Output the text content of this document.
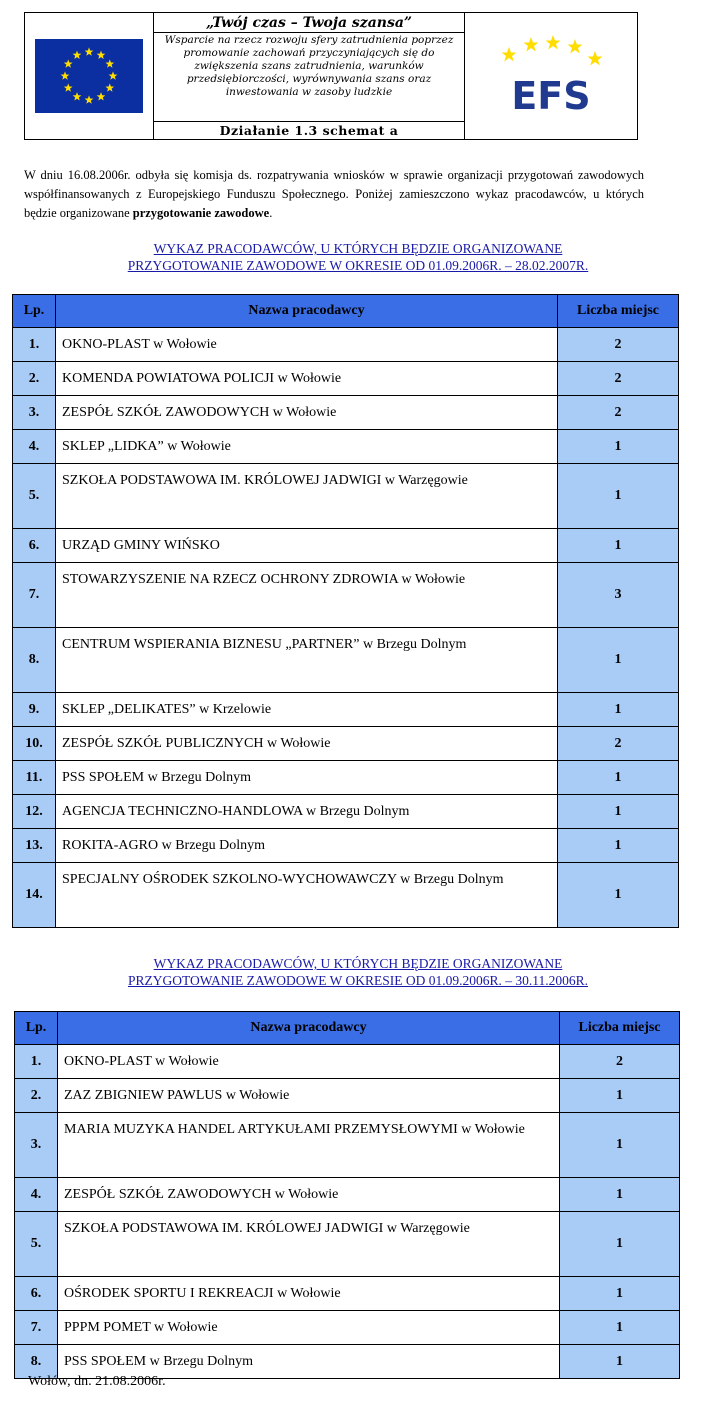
„Twój czas – Twoja szansa”
Wsparcie na rzecz rozwoju sfery zatrudnienia poprzez promowanie zachowań przyczyniających się do zwiększenia szans zatrudnienia, warunków przedsiębiorczości, wyrównywania szans oraz inwestowania w zasoby ludzkie	EFS

Działanie 1.3 schemat a
W dniu 16.08.2006r. odbyła się komisja ds. rozpatrywania wniosków w sprawie organizacji przygotowań zawodowych współfinansowanych z Europejskiego Funduszu Społecznego. Poniżej zamieszczono wykaz pracodawców, u których będzie organizowane przygotowanie zawodowe.
WYKAZ PRACODAWCÓW, U KTÓRYCH BĘDZIE ORGANIZOWANE
PRZYGOTOWANIE ZAWODOWE W OKRESIE OD 01.09.2006R. – 28.02.2007R.
Lp.	Nazwa pracodawcy	Liczba miejsc
1.	OKNO-PLAST w Wołowie	2
2.	KOMENDA POWIATOWA POLICJI w Wołowie	2
3.	ZESPÓŁ SZKÓŁ ZAWODOWYCH w Wołowie	2
4.	SKLEP „LIDKA” w Wołowie	1
5.	SZKOŁA PODSTAWOWA IM. KRÓLOWEJ JADWIGI w Warzęgowie	1
6.	URZĄD GMINY WIŃSKO	1
7.	STOWARZYSZENIE NA RZECZ OCHRONY ZDROWIA w Wołowie	3
8.	CENTRUM WSPIERANIA BIZNESU „PARTNER” w Brzegu Dolnym	1
9.	SKLEP „DELIKATES” w Krzelowie	1
10.	ZESPÓŁ SZKÓŁ PUBLICZNYCH w Wołowie	2
11.	PSS SPOŁEM w Brzegu Dolnym	1
12.	AGENCJA TECHNICZNO-HANDLOWA w Brzegu Dolnym	1
13.	ROKITA-AGRO w Brzegu Dolnym	1
14.	SPECJALNY OŚRODEK SZKOLNO-WYCHOWAWCZY w Brzegu Dolnym	1
WYKAZ PRACODAWCÓW, U KTÓRYCH BĘDZIE ORGANIZOWANE
PRZYGOTOWANIE ZAWODOWE W OKRESIE OD 01.09.2006R. – 30.11.2006R.
Lp.	Nazwa pracodawcy	Liczba miejsc
1.	OKNO-PLAST w Wołowie	2
2.	ZAZ ZBIGNIEW PAWLUS w Wołowie	1
3.	MARIA MUZYKA HANDEL ARTYKUŁAMI PRZEMYSŁOWYMI w Wołowie	1
4.	ZESPÓŁ SZKÓŁ ZAWODOWYCH w Wołowie	1
5.	SZKOŁA PODSTAWOWA IM. KRÓLOWEJ JADWIGI w Warzęgowie	1
6.	OŚRODEK SPORTU I REKREACJI w Wołowie	1
7.	PPPM POMET w Wołowie	1
8.	PSS SPOŁEM w Brzegu Dolnym	1
Wołów, dn. 21.08.2006r.
